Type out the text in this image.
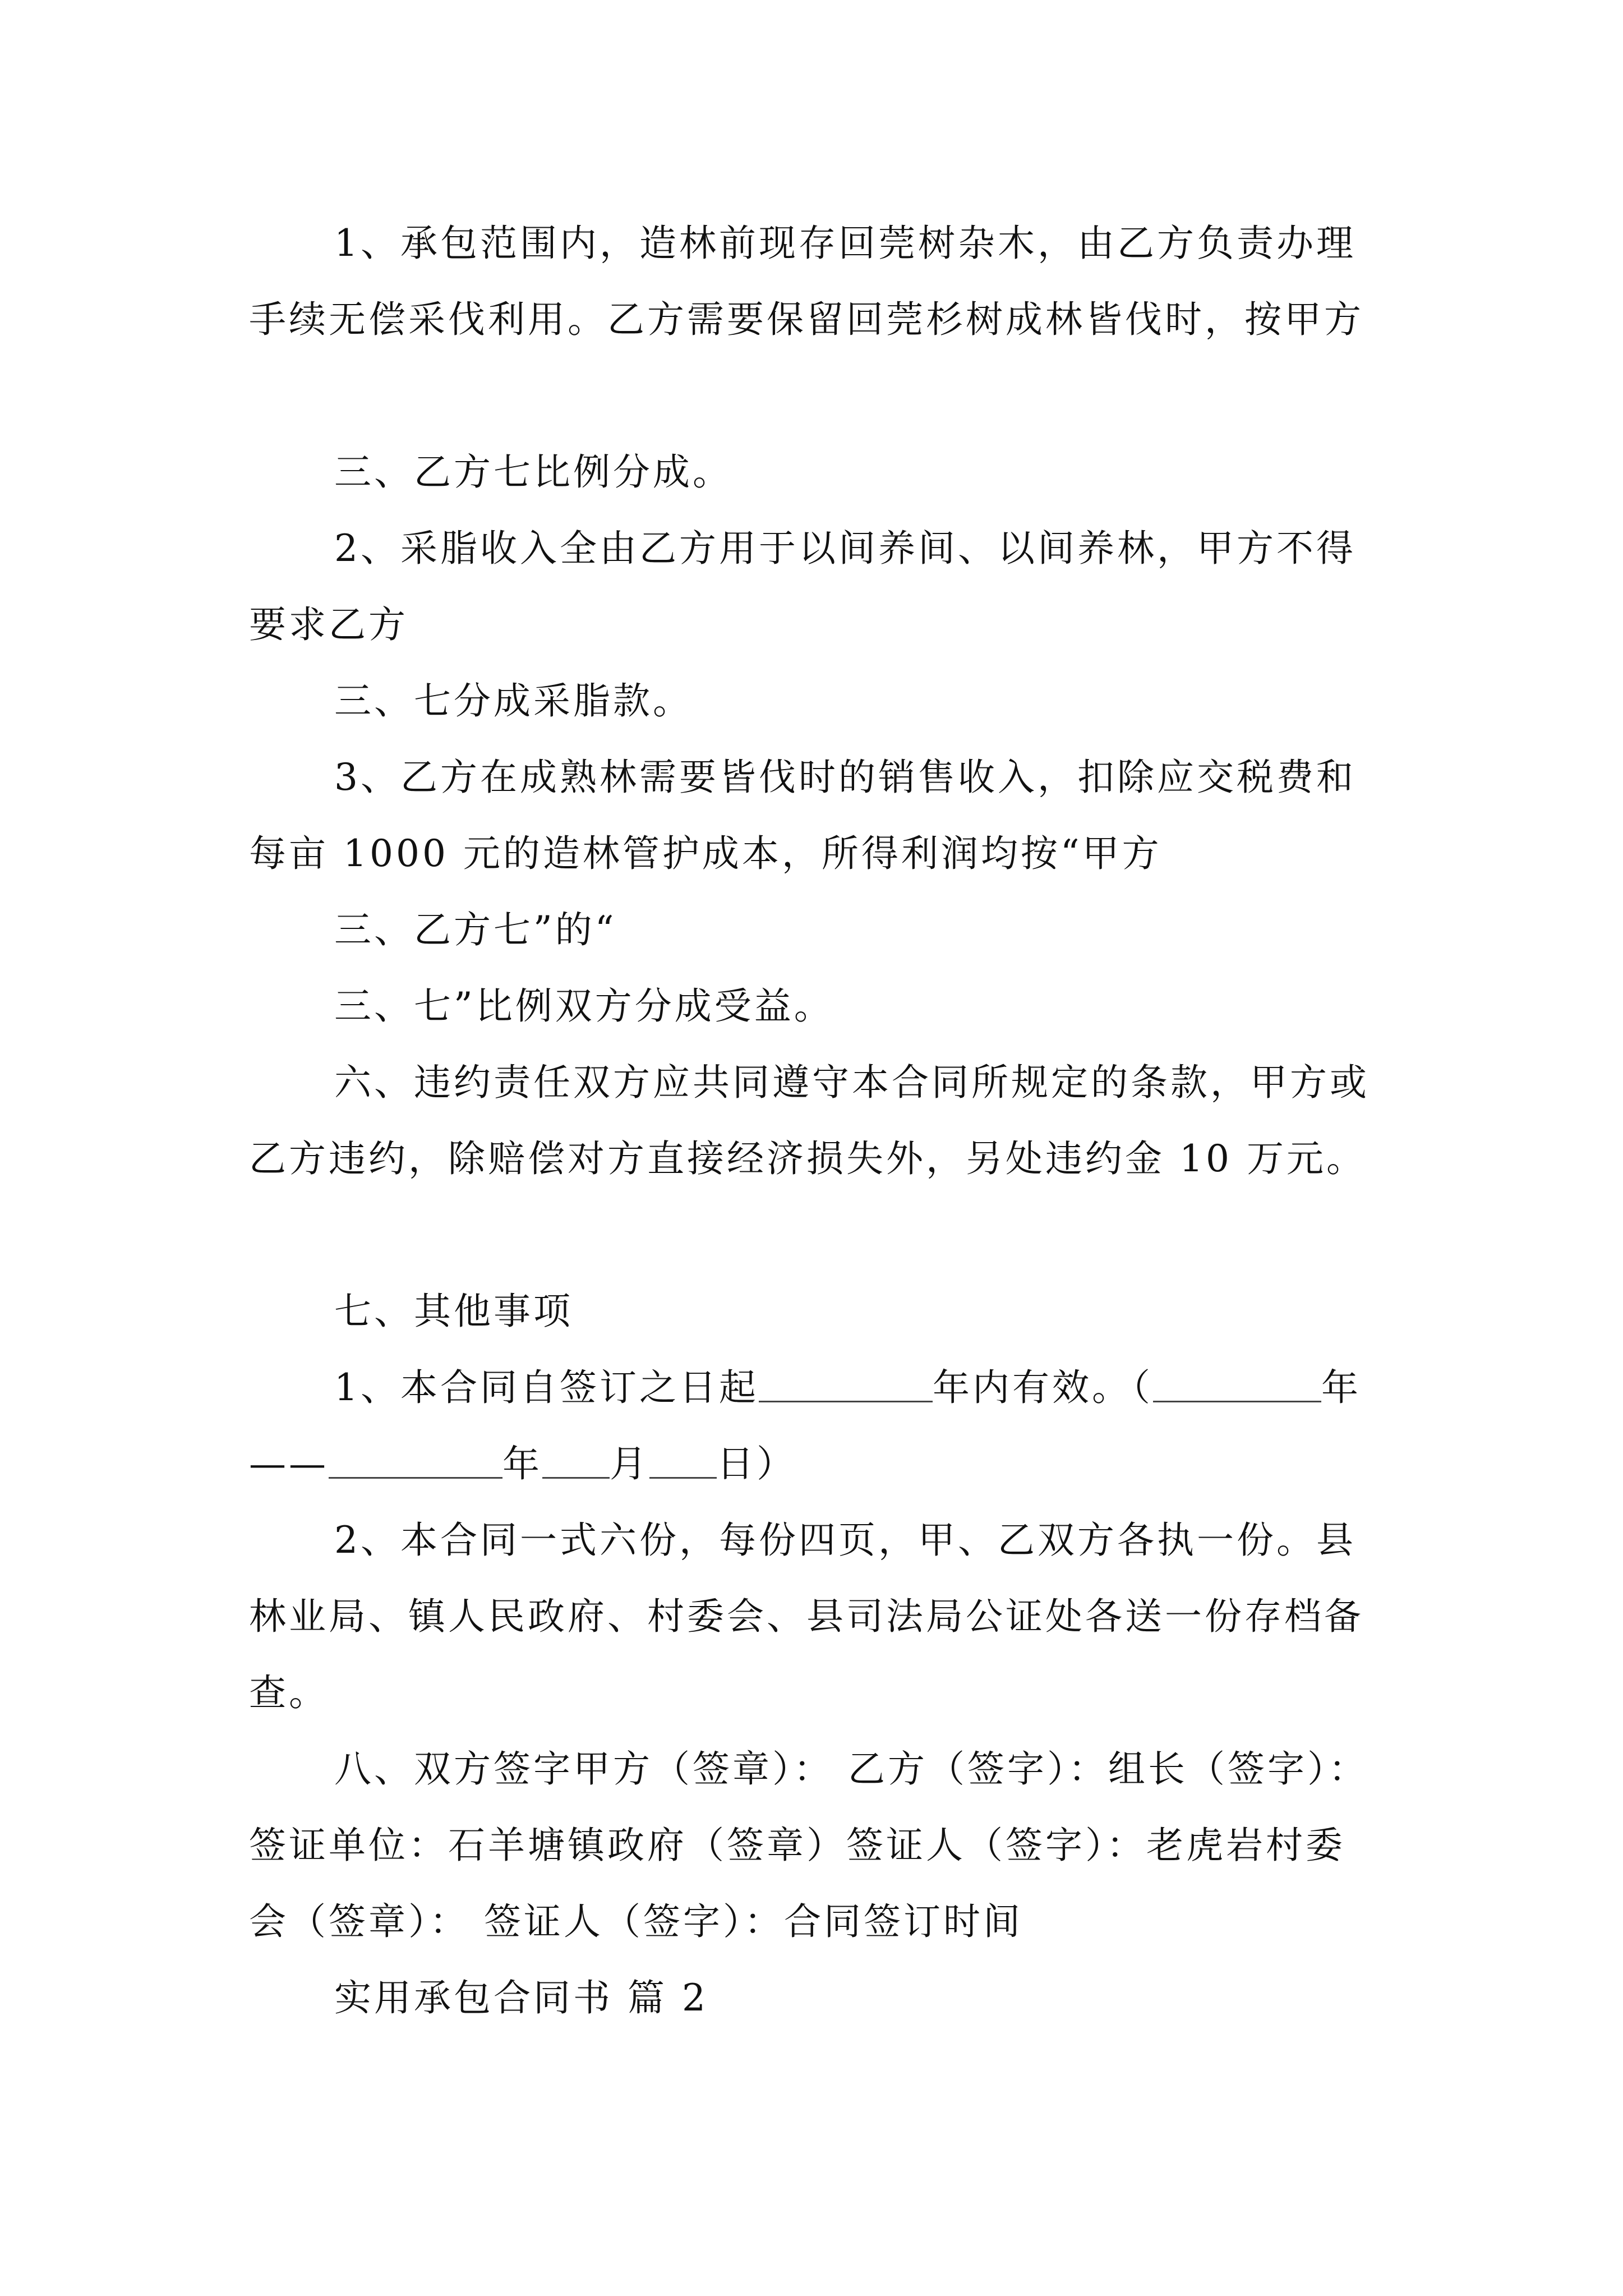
1、承包范围内，造林前现存回莞树杂木，由乙方负责办理手续无偿采伐利用。乙方需要保留回莞杉树成林皆伐时，按甲方

三、乙方七比例分成。

2、采脂收入全由乙方用于以间养间、以间养林，甲方不得要求乙方

三、七分成采脂款。

3、乙方在成熟林需要皆伐时的销售收入，扣除应交税费和每亩 1000 元的造林管护成本，所得利润均按“甲方

三、乙方七”的“

三、七”比例双方分成受益。

六、违约责任双方应共同遵守本合同所规定的条款，甲方或乙方违约，除赔偿对方直接经济损失外，另处违约金 10 万元。

七、其他事项

1、本合同自签订之日起	年内有效。（	年——	年 月 日）

2、本合同一式六份，每份四页，甲、乙双方各执一份。县林业局、镇人民政府、村委会、县司法局公证处各送一份存档备查。

八、双方签字甲方（签章）： 乙方（签字）：组长（签字）：签证单位：石羊塘镇政府（签章）签证人（签字）：老虎岩村委会（签章）： 签证人（签字）：合同签订时间

实用承包合同书 篇 2
